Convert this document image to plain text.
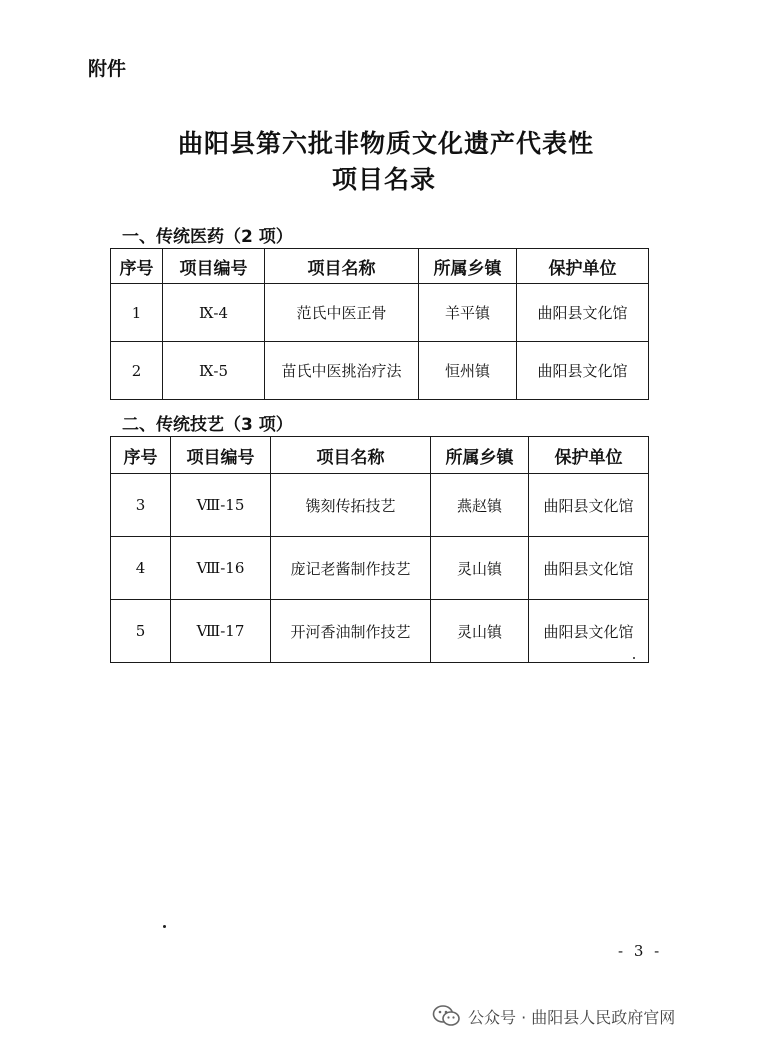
附件
曲阳县第六批非物质文化遗产代表性
项目名录
一、传统医药（2 项）
序号	项目编号	项目名称	所属乡镇	保护单位
1	Ⅸ-4	范氏中医正骨	羊平镇	曲阳县文化馆
2	Ⅸ-5	苗氏中医挑治疗法	恒州镇	曲阳县文化馆
二、传统技艺（3 项）
序号	项目编号	项目名称	所属乡镇	保护单位
3	Ⅷ-15	镌刻传拓技艺	燕赵镇	曲阳县文化馆
4	Ⅷ-16	庞记老酱制作技艺	灵山镇	曲阳县文化馆
5	Ⅷ-17	开河香油制作技艺	灵山镇	曲阳县文化馆
- 3 -
公众号 · 曲阳县人民政府官网
